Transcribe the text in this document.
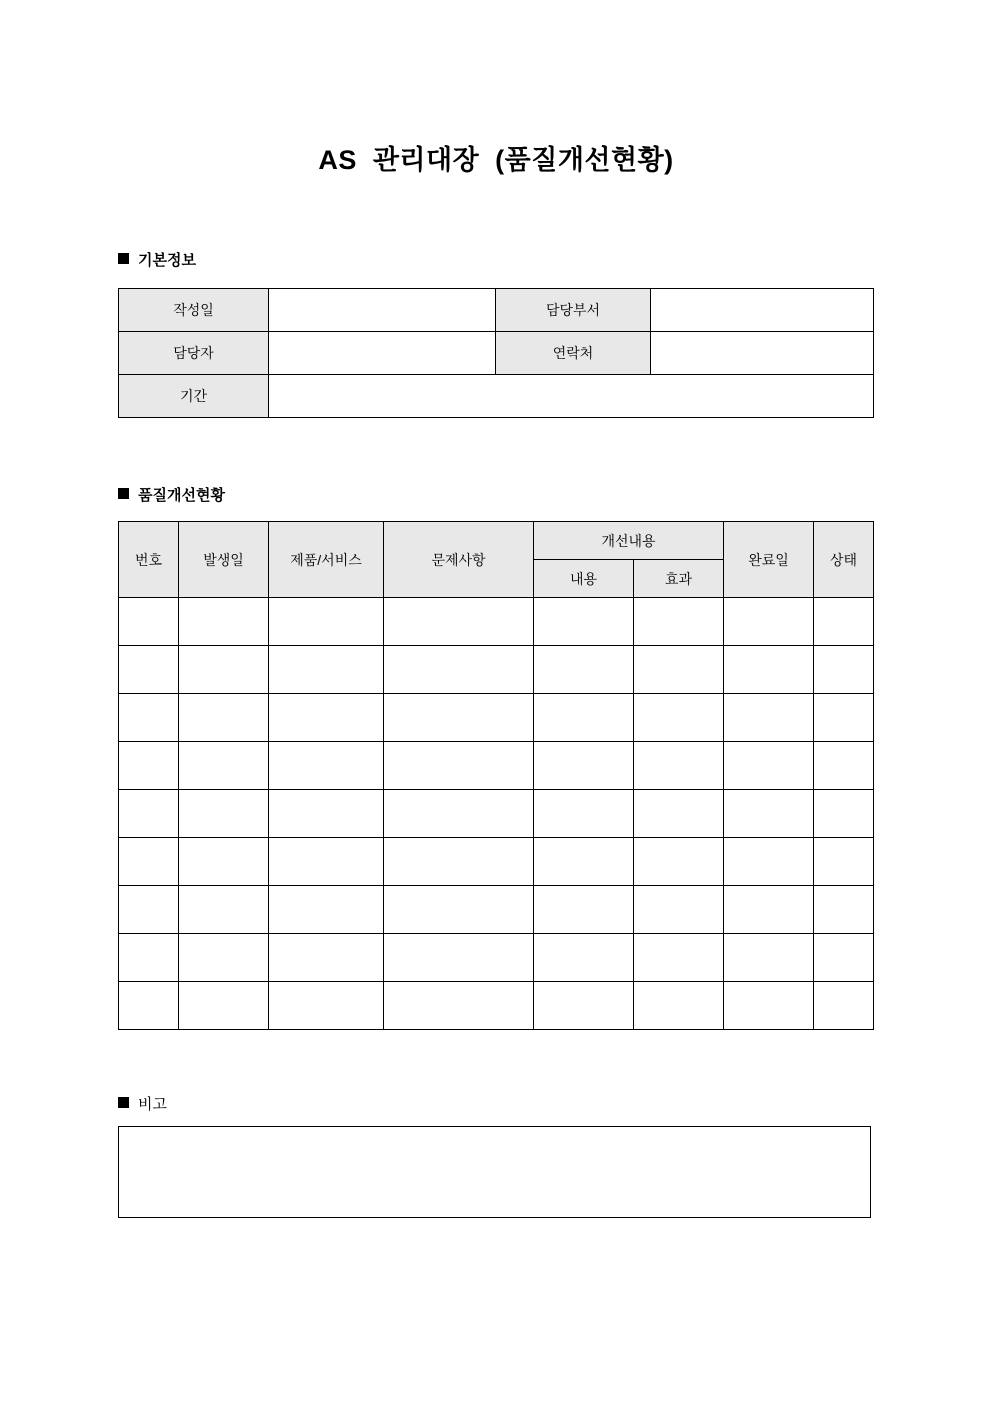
AS  관리대장  (품질개선현황)
기본정보
작성일		담당부서	
담당자		연락처	
기간			
품질개선현황
번호	발생일	제품/서비스	문제사항	개선내용		완료일	상태
				내용	효과		

비고
